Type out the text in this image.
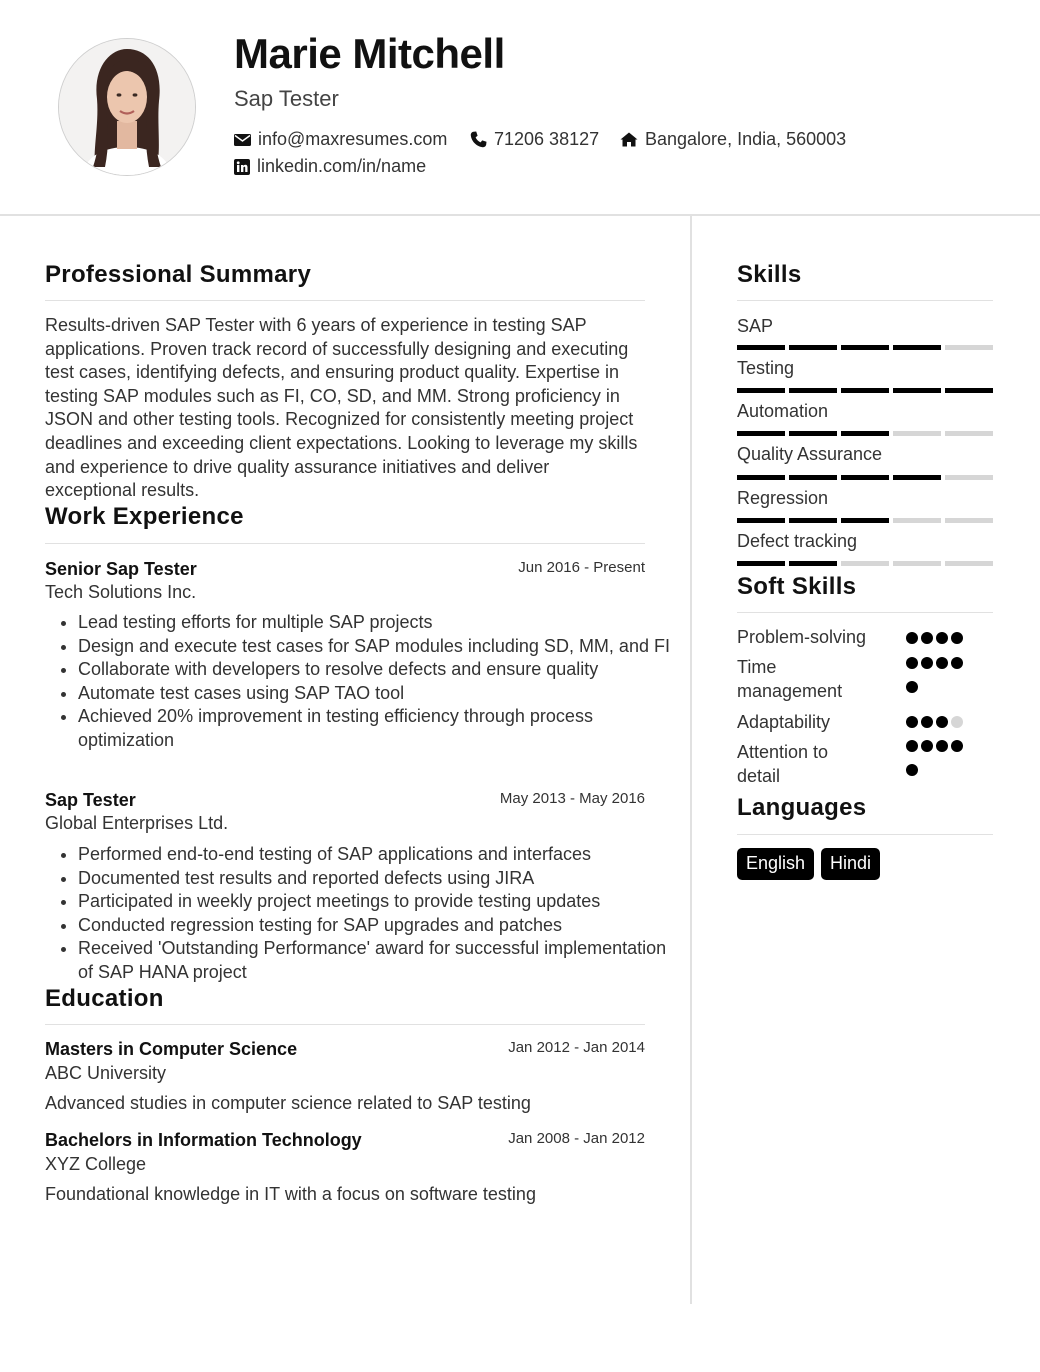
Marie Mitchell
Sap Tester
info@maxresumes.com	71206 38127	Bangalore, India, 560003
linkedin.com/in/name
Professional Summary

Results-driven SAP Tester with 6 years of experience in testing SAP applications. Proven track record of successfully designing and executing test cases, identifying defects, and ensuring product quality. Expertise in testing SAP modules such as FI, CO, SD, and MM. Strong proficiency in JSON and other testing tools. Recognized for consistently meeting project deadlines and exceeding client expectations. Looking to leverage my skills and experience to drive quality assurance initiatives and deliver exceptional results.

Work Experience
Senior Sap Tester	Jun 2016 - Present
Tech Solutions Inc.
• Lead testing efforts for multiple SAP projects
• Design and execute test cases for SAP modules including SD, MM, and FI
• Collaborate with developers to resolve defects and ensure quality
• Automate test cases using SAP TAO tool
• Achieved 20% improvement in testing efficiency through process optimization
Sap Tester	May 2013 - May 2016
Global Enterprises Ltd.
• Performed end-to-end testing of SAP applications and interfaces
• Documented test results and reported defects using JIRA
• Participated in weekly project meetings to provide testing updates
• Conducted regression testing for SAP upgrades and patches
• Received 'Outstanding Performance' award for successful implementation of SAP HANA project
Education
Masters in Computer Science	Jan 2012 - Jan 2014
ABC University
Advanced studies in computer science related to SAP testing
Bachelors in Information Technology	Jan 2008 - Jan 2012
XYZ College
Foundational knowledge in IT with a focus on software testing
Skills
SAP
Testing
Automation
Quality Assurance
Regression
Defect tracking
Soft Skills
Problem-solving
Time management
Adaptability
Attention to detail
Languages
English	Hindi
